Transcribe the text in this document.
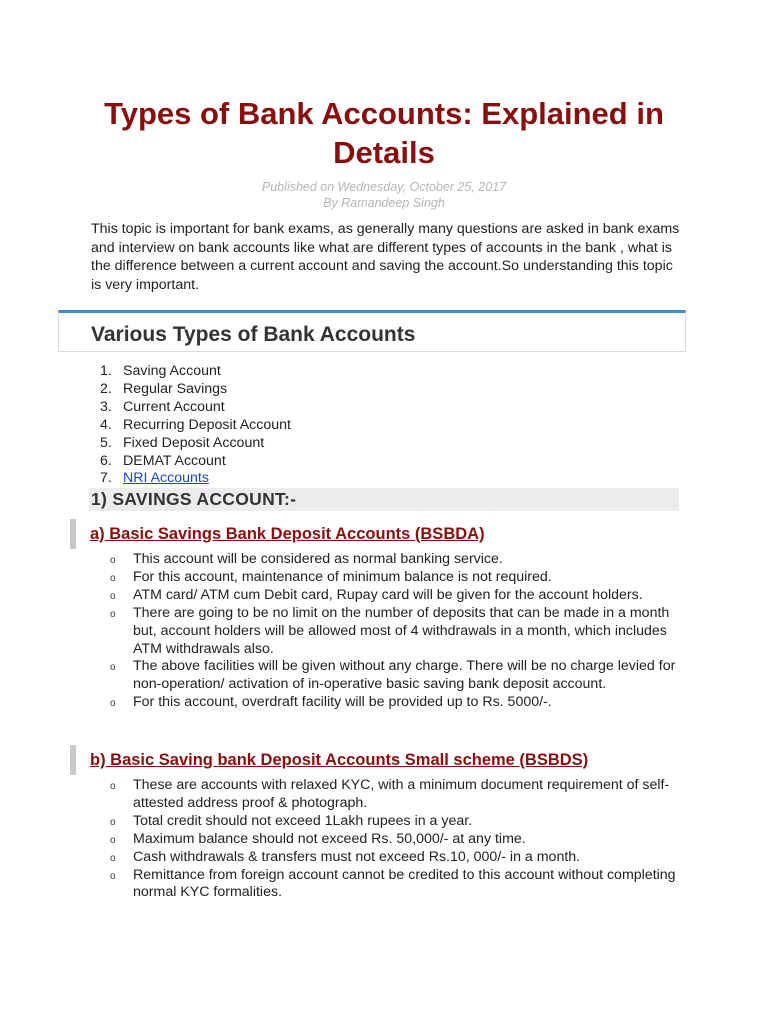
Types of Bank Accounts: Explained in Details

Published on Wednesday, October 25, 2017

By Ramandeep Singh

This topic is important for bank exams, as generally many questions are asked in bank exams and interview on bank accounts like what are different types of accounts in the bank , what is the difference between a current account and saving the account.So understanding this topic is very important.

Various Types of Bank Accounts
1. Saving Account
2. Regular Savings
3. Current Account
4. Recurring Deposit Account
5. Fixed Deposit Account
6. DEMAT Account
7. NRI Accounts
1) SAVINGS ACCOUNT:-
a) Basic Savings Bank Deposit Accounts (BSBDA)
o This account will be considered as normal banking service.
o For this account, maintenance of minimum balance is not required.
o ATM card/ ATM cum Debit card, Rupay card will be given for the account holders.
o There are going to be no limit on the number of deposits that can be made in a month but, account holders will be allowed most of 4 withdrawals in a month, which includes ATM withdrawals also.
o The above facilities will be given without any charge. There will be no charge levied for non-operation/ activation of in-operative basic saving bank deposit account.
o For this account, overdraft facility will be provided up to Rs. 5000/-.
b) Basic Saving bank Deposit Accounts Small scheme (BSBDS)
o These are accounts with relaxed KYC, with a minimum document requirement of self-attested address proof & photograph.
o Total credit should not exceed 1Lakh rupees in a year.
o Maximum balance should not exceed Rs. 50,000/- at any time.
o Cash withdrawals & transfers must not exceed Rs.10, 000/- in a month.
o Remittance from foreign account cannot be credited to this account without completing normal KYC formalities.
